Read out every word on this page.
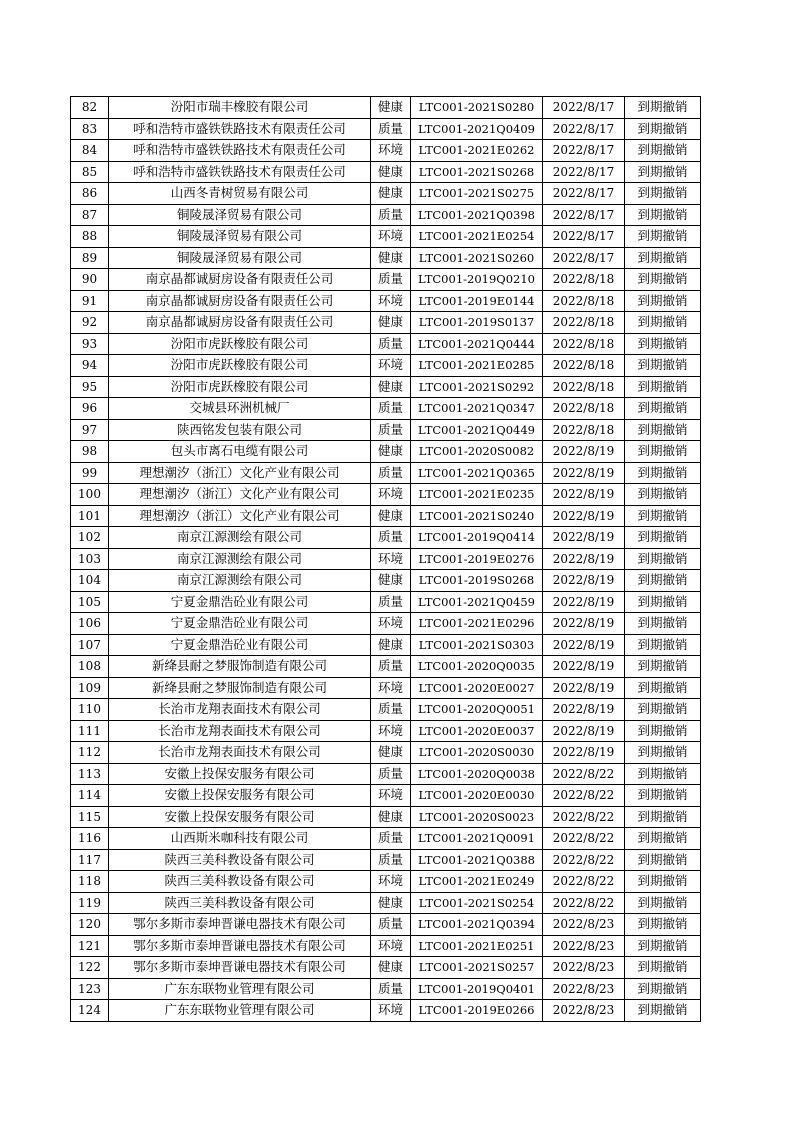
82	汾阳市瑞丰橡胶有限公司	健康	LTC001-2021S0280	2022/8/17	到期撤销
83	呼和浩特市盛铁铁路技术有限责任公司	质量	LTC001-2021Q0409	2022/8/17	到期撤销
84	呼和浩特市盛铁铁路技术有限责任公司	环境	LTC001-2021E0262	2022/8/17	到期撤销
85	呼和浩特市盛铁铁路技术有限责任公司	健康	LTC001-2021S0268	2022/8/17	到期撤销
86	山西冬青树贸易有限公司	健康	LTC001-2021S0275	2022/8/17	到期撤销
87	铜陵晟泽贸易有限公司	质量	LTC001-2021Q0398	2022/8/17	到期撤销
88	铜陵晟泽贸易有限公司	环境	LTC001-2021E0254	2022/8/17	到期撤销
89	铜陵晟泽贸易有限公司	健康	LTC001-2021S0260	2022/8/17	到期撤销
90	南京晶都诚厨房设备有限责任公司	质量	LTC001-2019Q0210	2022/8/18	到期撤销
91	南京晶都诚厨房设备有限责任公司	环境	LTC001-2019E0144	2022/8/18	到期撤销
92	南京晶都诚厨房设备有限责任公司	健康	LTC001-2019S0137	2022/8/18	到期撤销
93	汾阳市虎跃橡胶有限公司	质量	LTC001-2021Q0444	2022/8/18	到期撤销
94	汾阳市虎跃橡胶有限公司	环境	LTC001-2021E0285	2022/8/18	到期撤销
95	汾阳市虎跃橡胶有限公司	健康	LTC001-2021S0292	2022/8/18	到期撤销
96	交城县环洲机械厂	质量	LTC001-2021Q0347	2022/8/18	到期撤销
97	陕西铭发包装有限公司	质量	LTC001-2021Q0449	2022/8/18	到期撤销
98	包头市离石电缆有限公司	健康	LTC001-2020S0082	2022/8/19	到期撤销
99	理想潮汐（浙江）文化产业有限公司	质量	LTC001-2021Q0365	2022/8/19	到期撤销
100	理想潮汐（浙江）文化产业有限公司	环境	LTC001-2021E0235	2022/8/19	到期撤销
101	理想潮汐（浙江）文化产业有限公司	健康	LTC001-2021S0240	2022/8/19	到期撤销
102	南京江源测绘有限公司	质量	LTC001-2019Q0414	2022/8/19	到期撤销
103	南京江源测绘有限公司	环境	LTC001-2019E0276	2022/8/19	到期撤销
104	南京江源测绘有限公司	健康	LTC001-2019S0268	2022/8/19	到期撤销
105	宁夏金鼎浩砼业有限公司	质量	LTC001-2021Q0459	2022/8/19	到期撤销
106	宁夏金鼎浩砼业有限公司	环境	LTC001-2021E0296	2022/8/19	到期撤销
107	宁夏金鼎浩砼业有限公司	健康	LTC001-2021S0303	2022/8/19	到期撤销
108	新绛县耐之梦服饰制造有限公司	质量	LTC001-2020Q0035	2022/8/19	到期撤销
109	新绛县耐之梦服饰制造有限公司	环境	LTC001-2020E0027	2022/8/19	到期撤销
110	长治市龙翔表面技术有限公司	质量	LTC001-2020Q0051	2022/8/19	到期撤销
111	长治市龙翔表面技术有限公司	环境	LTC001-2020E0037	2022/8/19	到期撤销
112	长治市龙翔表面技术有限公司	健康	LTC001-2020S0030	2022/8/19	到期撤销
113	安徽上投保安服务有限公司	质量	LTC001-2020Q0038	2022/8/22	到期撤销
114	安徽上投保安服务有限公司	环境	LTC001-2020E0030	2022/8/22	到期撤销
115	安徽上投保安服务有限公司	健康	LTC001-2020S0023	2022/8/22	到期撤销
116	山西斯米咖科技有限公司	质量	LTC001-2021Q0091	2022/8/22	到期撤销
117	陕西三美科教设备有限公司	质量	LTC001-2021Q0388	2022/8/22	到期撤销
118	陕西三美科教设备有限公司	环境	LTC001-2021E0249	2022/8/22	到期撤销
119	陕西三美科教设备有限公司	健康	LTC001-2021S0254	2022/8/22	到期撤销
120	鄂尔多斯市泰坤晋谦电器技术有限公司	质量	LTC001-2021Q0394	2022/8/23	到期撤销
121	鄂尔多斯市泰坤晋谦电器技术有限公司	环境	LTC001-2021E0251	2022/8/23	到期撤销
122	鄂尔多斯市泰坤晋谦电器技术有限公司	健康	LTC001-2021S0257	2022/8/23	到期撤销
123	广东东联物业管理有限公司	质量	LTC001-2019Q0401	2022/8/23	到期撤销
124	广东东联物业管理有限公司	环境	LTC001-2019E0266	2022/8/23	到期撤销
